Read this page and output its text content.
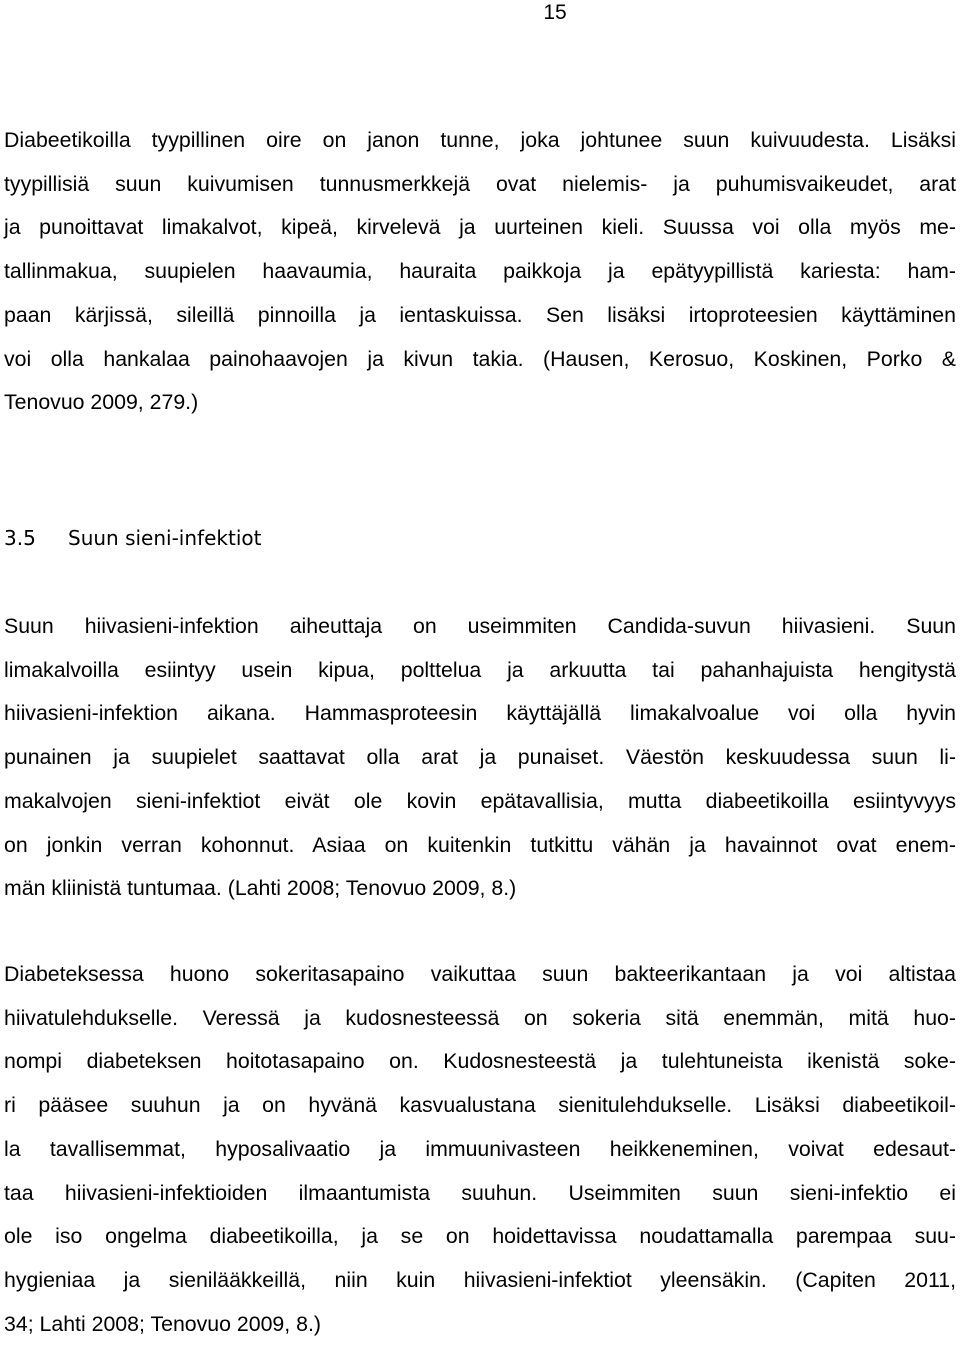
15

Diabeetikoilla tyypillinen oire on janon tunne, joka johtunee suun kuivuudesta. Lisäksi
tyypillisiä suun kuivumisen tunnusmerkkejä ovat nielemis- ja puhumisvaikeudet, arat
ja punoittavat limakalvot, kipeä, kirvelevä ja uurteinen kieli. Suussa voi olla myös me-
tallinmakua, suupielen haavaumia, hauraita paikkoja ja epätyypillistä kariesta: ham-
paan kärjissä, sileillä pinnoilla ja ientaskuissa. Sen lisäksi irtoproteesien käyttäminen
voi olla hankalaa painohaavojen ja kivun takia. (Hausen, Kerosuo, Koskinen, Porko &
Tenovuo 2009, 279.)

3.5 Suun sieni-infektiot

Suun hiivasieni-infektion aiheuttaja on useimmiten Candida-suvun hiivasieni. Suun
limakalvoilla esiintyy usein kipua, polttelua ja arkuutta tai pahanhajuista hengitystä
hiivasieni-infektion aikana. Hammasproteesin käyttäjällä limakalvoalue voi olla hyvin
punainen ja suupielet saattavat olla arat ja punaiset. Väestön keskuudessa suun li-
makalvojen sieni-infektiot eivät ole kovin epätavallisia, mutta diabeetikoilla esiintyvyys
on jonkin verran kohonnut. Asiaa on kuitenkin tutkittu vähän ja havainnot ovat enem-
män kliinistä tuntumaa. (Lahti 2008; Tenovuo 2009, 8.)

Diabeteksessa huono sokeritasapaino vaikuttaa suun bakteerikantaan ja voi altistaa
hiivatulehdukselle. Veressä ja kudosnesteessä on sokeria sitä enemmän, mitä huo-
nompi diabeteksen hoitotasapaino on. Kudosnesteestä ja tulehtuneista ikenistä soke-
ri pääsee suuhun ja on hyvänä kasvualustana sienitulehdukselle. Lisäksi diabeetikoil-
la tavallisemmat, hyposalivaatio ja immuunivasteen heikkeneminen, voivat edesaut-
taa hiivasieni-infektioiden ilmaantumista suuhun. Useimmiten suun sieni-infektio ei
ole iso ongelma diabeetikoilla, ja se on hoidettavissa noudattamalla parempaa suu-
hygieniaa ja sienilääkkeillä, niin kuin hiivasieni-infektiot yleensäkin. (Capiten 2011,
34; Lahti 2008; Tenovuo 2009, 8.)
